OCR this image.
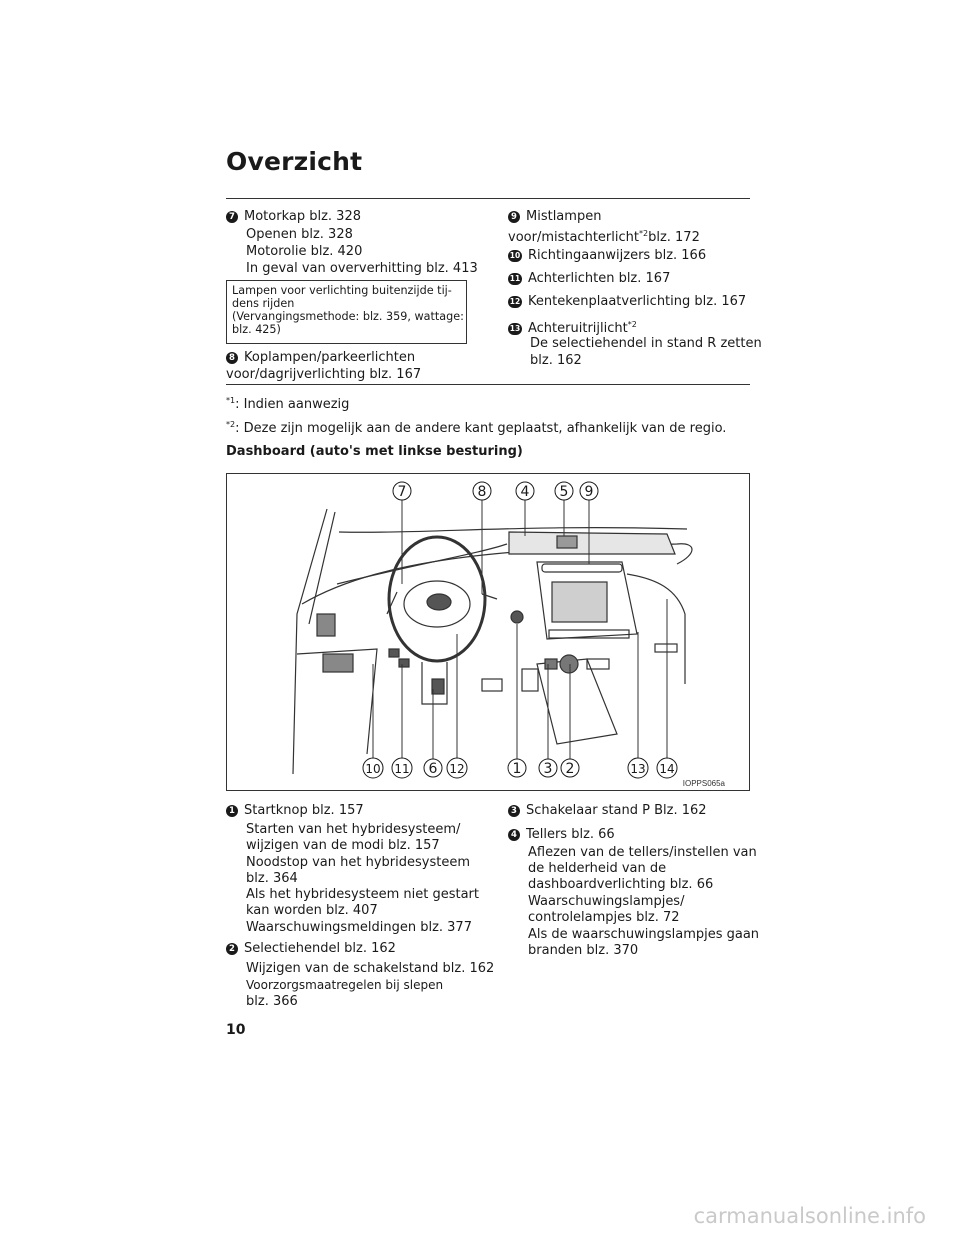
Overzicht
7 Motorkap blz. 328
Openen blz. 328
Motorolie blz. 420
In geval van oververhitting blz. 413
Lampen voor verlichting buitenzijde tij-
dens rijden
(Vervangingsmethode: blz. 359, wattage:
blz. 425)
8 Koplampen/parkeerlichten
voor/dagrijverlichting blz. 167
9 Mistlampen
voor/mistachterlicht$^{*2}$blz. 172
10 Richtingaanwijzers blz. 166
11 Achterlichten blz. 167
12 Kentekenplaatverlichting blz. 167
13 Achteruitrijlicht$^{*2}$
De selectiehendel in stand R zetten
blz. 162
$^{*1}$: Indien aanwezig
$^{*2}$: Deze zijn mogelijk aan de andere kant geplaatst, afhankelijk van de regio.
Dashboard (auto's met linkse besturing)
7	8 4 5 9
10 11 6 12	1 3 2	13 14
IOPPS065a
1 Startknop blz. 157
Starten van het hybridesysteem/
wijzigen van de modi blz. 157
Noodstop van het hybridesysteem
blz. 364
Als het hybridesysteem niet gestart
kan worden blz. 407
Waarschuwingsmeldingen blz. 377
2 Selectiehendel blz. 162
Wijzigen van de schakelstand blz. 162
Voorzorgsmaatregelen bij slepen
blz. 366
3 Schakelaar stand P Blz. 162
4 Tellers blz. 66
Aflezen van de tellers/instellen van
de helderheid van de
dashboardverlichting blz. 66
Waarschuwingslampjes/
controlelampjes blz. 72
Als de waarschuwingslampjes gaan
branden blz. 370
10
carmanualsonline.info
